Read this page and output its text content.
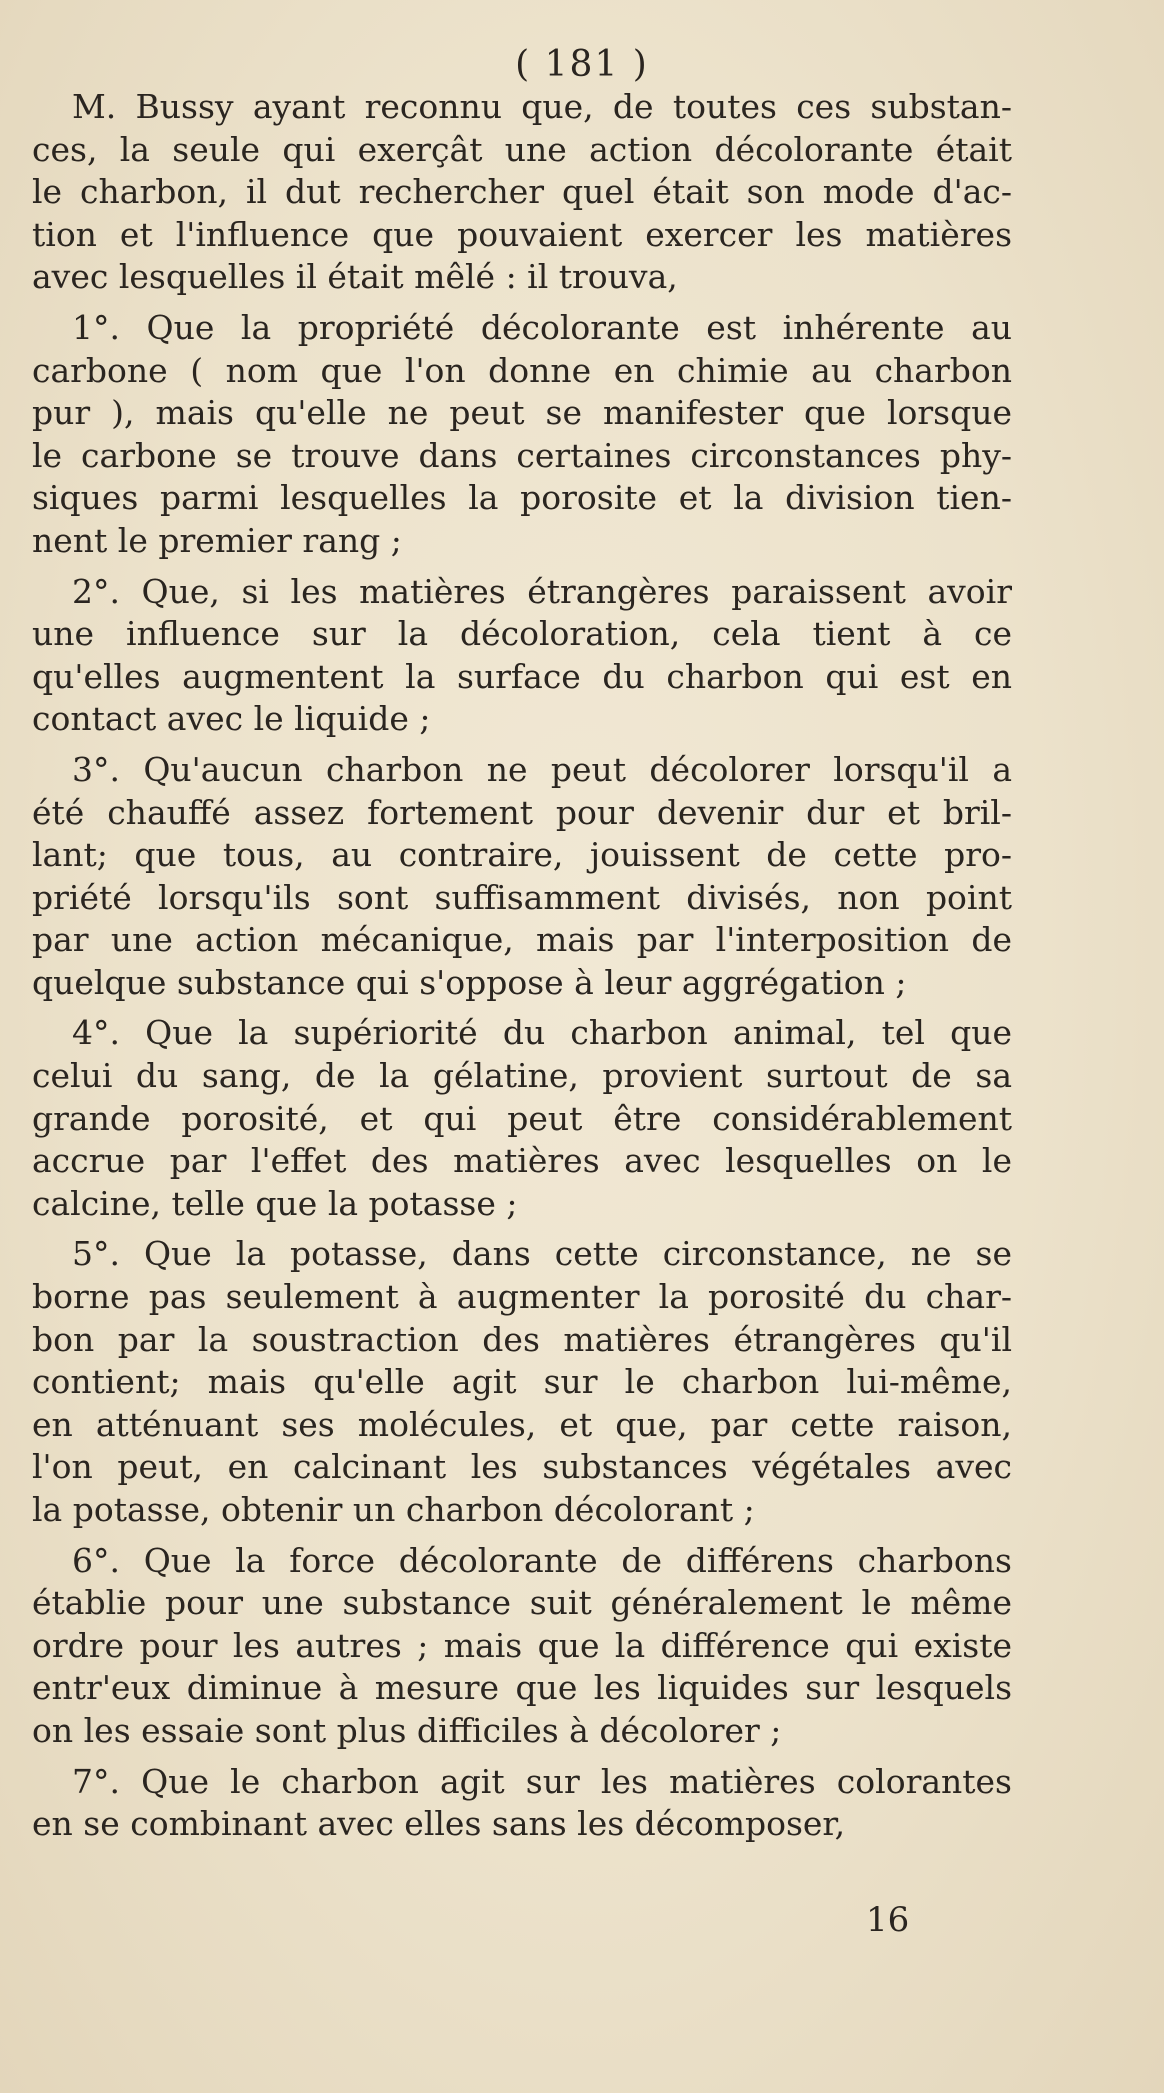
( 181 )
M. Bussy ayant reconnu que, de toutes ces substan-
ces, la seule qui exerçât une action décolorante était
le charbon, il dut rechercher quel était son mode d'ac-
tion et l'influence que pouvaient exercer les matières
avec lesquelles il était mêlé : il trouva,
1°. Que la propriété décolorante est inhérente au
carbone ( nom que l'on donne en chimie au charbon
pur ), mais qu'elle ne peut se manifester que lorsque
le carbone se trouve dans certaines circonstances phy-
siques parmi lesquelles la porosite et la division tien-
nent le premier rang ;
2°. Que, si les matières étrangères paraissent avoir
une influence sur la décoloration, cela tient à ce
qu'elles augmentent la surface du charbon qui est en
contact avec le liquide ;
3°. Qu'aucun charbon ne peut décolorer lorsqu'il a
été chauffé assez fortement pour devenir dur et bril-
lant; que tous, au contraire, jouissent de cette pro-
priété lorsqu'ils sont suffisamment divisés, non point
par une action mécanique, mais par l'interposition de
quelque substance qui s'oppose à leur aggrégation ;
4°. Que la supériorité du charbon animal, tel que
celui du sang, de la gélatine, provient surtout de sa
grande porosité, et qui peut être considérablement
accrue par l'effet des matières avec lesquelles on le
calcine, telle que la potasse ;
5°. Que la potasse, dans cette circonstance, ne se
borne pas seulement à augmenter la porosité du char-
bon par la soustraction des matières étrangères qu'il
contient; mais qu'elle agit sur le charbon lui-même,
en atténuant ses molécules, et que, par cette raison,
l'on peut, en calcinant les substances végétales avec
la potasse, obtenir un charbon décolorant ;
6°. Que la force décolorante de différens charbons
établie pour une substance suit généralement le même
ordre pour les autres ; mais que la différence qui existe
entr'eux diminue à mesure que les liquides sur lesquels
on les essaie sont plus difficiles à décolorer ;
7°. Que le charbon agit sur les matières colorantes
en se combinant avec elles sans les décomposer,
16
